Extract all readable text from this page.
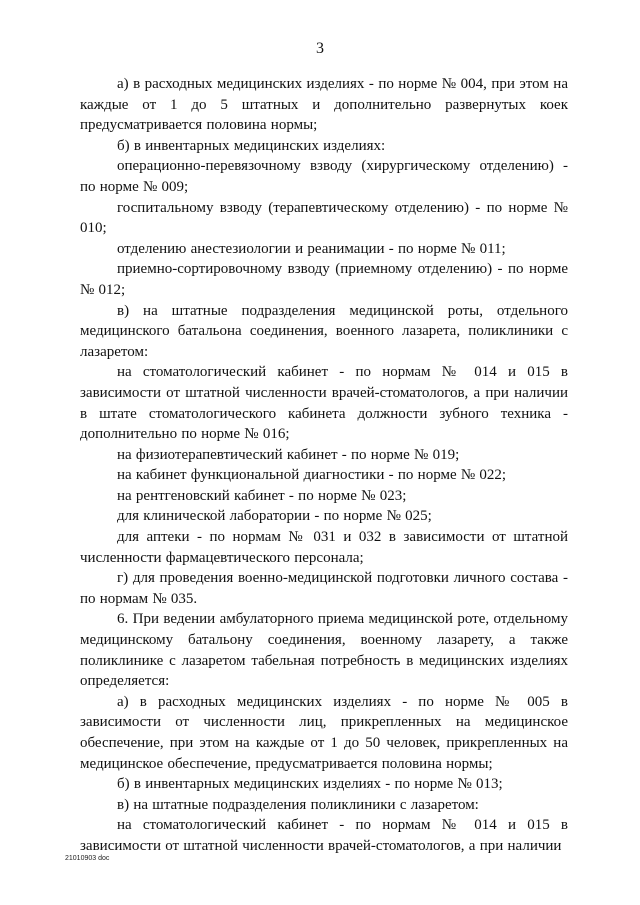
3

а) в расходных медицинских изделиях - по норме № 004, при этом на каждые от 1 до 5 штатных и дополнительно развернутых коек предусматривается половина нормы;

б) в инвентарных медицинских изделиях:

операционно-перевязочному взводу (хирургическому отделению) - по норме № 009;

госпитальному взводу (терапевтическому отделению) - по норме № 010;

отделению анестезиологии и реанимации - по норме № 011;

приемно-сортировочному взводу (приемному отделению) - по норме № 012;

в) на штатные подразделения медицинской роты, отдельного медицинского батальона соединения, военного лазарета, поликлиники с лазаретом:

на стоматологический кабинет - по нормам № 014 и 015 в зависимости от штатной численности врачей-стоматологов, а при наличии в штате стоматологического кабинета должности зубного техника - дополнительно по норме № 016;

на физиотерапевтический кабинет - по норме № 019;

на кабинет функциональной диагностики - по норме № 022;

на рентгеновский кабинет - по норме № 023;

для клинической лаборатории - по норме № 025;

для аптеки - по нормам № 031 и 032 в зависимости от штатной численности фармацевтического персонала;

г) для проведения военно-медицинской подготовки личного состава - по нормам № 035.

6. При ведении амбулаторного приема медицинской роте, отдельному медицинскому батальону соединения, военному лазарету, а также поликлинике с лазаретом табельная потребность в медицинских изделиях определяется:

а) в расходных медицинских изделиях - по норме № 005 в зависимости от численности лиц, прикрепленных на медицинское обеспечение, при этом на каждые от 1 до 50 человек, прикрепленных на медицинское обеспечение, предусматривается половина нормы;

б) в инвентарных медицинских изделиях - по норме № 013;

в) на штатные подразделения поликлиники с лазаретом:

на стоматологический кабинет - по нормам № 014 и 015 в зависимости от штатной численности врачей-стоматологов, а при наличии

21010903 doc
